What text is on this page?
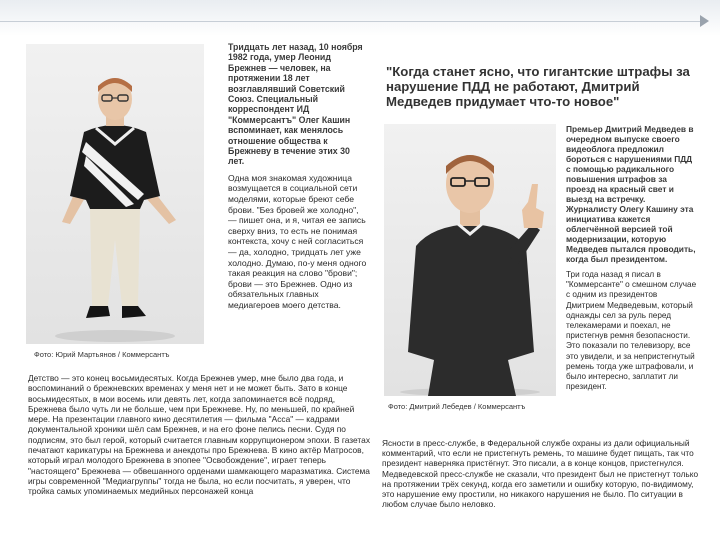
Фото: Юрий Мартьянов / Коммерсантъ

Тридцать лет назад, 10 ноября 1982 года, умер Леонид Брежнев — человек, на протяжении 18 лет возглавлявший Советский Союз. Специальный корреспондент ИД "Коммерсантъ" Олег Кашин вспоминает, как менялось отношение общества к Брежневу в течение этих 30 лет.

Одна моя знакомая художница возмущается в социальной сети моделями, которые бреют себе брови. "Без бровей же холодно", — пишет она, и я, читая ее запись сверху вниз, то есть не понимая контекста, хочу с ней согласиться — да, холодно, тридцать лет уже холодно. Думаю, по-у меня одного такая реакция на слово "брови"; брови — это Брежнев. Одно из обязательных главных медиагероев моего детства.

Детство — это конец восьмидесятых. Когда Брежнев умер, мне было два года, и воспоминаний о брежневских временах у меня нет и не может быть. Зато в конце восьмидесятых, в мои восемь или девять лет, когда запоминается всё подряд, Брежнева было чуть ли не больше, чем при Брежневе. Ну, по меньшей, по крайней мере. На презентации главного кино десятилетия — фильма "Асса" — кадрами документальной хроники шёл сам Брежнев, и на его фоне пелись песни. Судя по подписям, это был герой, который считается главным коррупционером эпохи. В газетах печатают карикатуры на Брежнева и анекдоты про Брежнева. В кино актёр Матросов, который играл молодого Брежнева в эпопее "Освобождение", играет теперь "настоящего" Брежнева — обвешанного орденами шамкающего маразматика. Система игры современной "Медиагруппы" тогда не была, но если посчитать, я уверен, что тройка самых упоминаемых медийных персонажей конца
"Когда станет ясно, что гигантские штрафы за нарушение ПДД не работают, Дмитрий Медведев придумает что-то новое"
Фото: Дмитрий Лебедев / Коммерсантъ

Премьер Дмитрий Медведев в очередном выпуске своего видеоблога предложил бороться с нарушениями ПДД с помощью радикального повышения штрафов за проезд на красный свет и выезд на встречку. Журналисту Олегу Кашину эта инициатива кажется облегчённой версией той модернизации, которую Медведев пытался проводить, когда был президентом.

Три года назад я писал в "Коммерсанте" о смешном случае с одним из президентов Дмитрием Медведевым, который однажды сел за руль перед телекамерами и поехал, не пристегнув ремня безопасности. Это показали по телевизору, все это увидели, и за непристегнутый ремень тогда уже штрафовали, и было интересно, заплатит ли президент.

Ясности в пресс-службе, в Федеральной службе охраны из дали официальный комментарий, что если не пристегнуть ремень, то машине будет пищать, так что президент наверняка пристёгнут. Это писали, а в конце концов, пристегнулся. Медведевской пресс-службе не сказали, что президент был не пристегнут только на протяжении трёх секунд, когда его заметили и ошибку которую, по-видимому, это нарушение ему простили, но никакого нарушения не было. По ситуации в любом случае было неловко.
